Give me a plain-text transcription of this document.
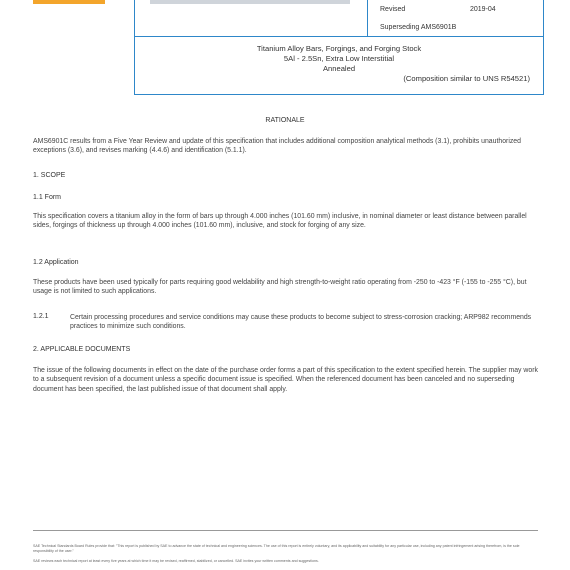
Revised	2019-04
Superseding AMS6901B
Titanium Alloy Bars, Forgings, and Forging Stock
5Al - 2.5Sn, Extra Low Interstitial
Annealed
(Composition similar to UNS R54521)
RATIONALE
AMS6901C results from a Five Year Review and update of this specification that includes additional composition analytical methods (3.1), prohibits unauthorized exceptions (3.6), and revises marking (4.4.6) and identification (5.1.1).
1. SCOPE
1.1 Form
This specification covers a titanium alloy in the form of bars up through 4.000 inches (101.60 mm) inclusive, in nominal diameter or least distance between parallel sides, forgings of thickness up through 4.000 inches (101.60 mm), inclusive, and stock for forging of any size.
1.2 Application
These products have been used typically for parts requiring good weldability and high strength-to-weight ratio operating from -250 to -423 °F (-155 to -255 °C), but usage is not limited to such applications.
1.2.1	Certain processing procedures and service conditions may cause these products to become subject to stress-corrosion cracking; ARP982 recommends practices to minimize such conditions.
2. APPLICABLE DOCUMENTS
The issue of the following documents in effect on the date of the purchase order forms a part of this specification to the extent specified herein. The supplier may work to a subsequent revision of a document unless a specific document issue is specified. When the referenced document has been canceled and no superseding document has been specified, the last published issue of that document shall apply.
SAE Technical Standards Board Rules provide that: "This report is published by SAE to advance the state of technical and engineering sciences. The use of this report is entirely voluntary, and its applicability and suitability for any particular use, including any patent infringement arising therefrom, is the sole responsibility of the user."
SAE reviews each technical report at least every five years at which time it may be revised, reaffirmed, stabilized, or cancelled. SAE invites your written comments and suggestions.
